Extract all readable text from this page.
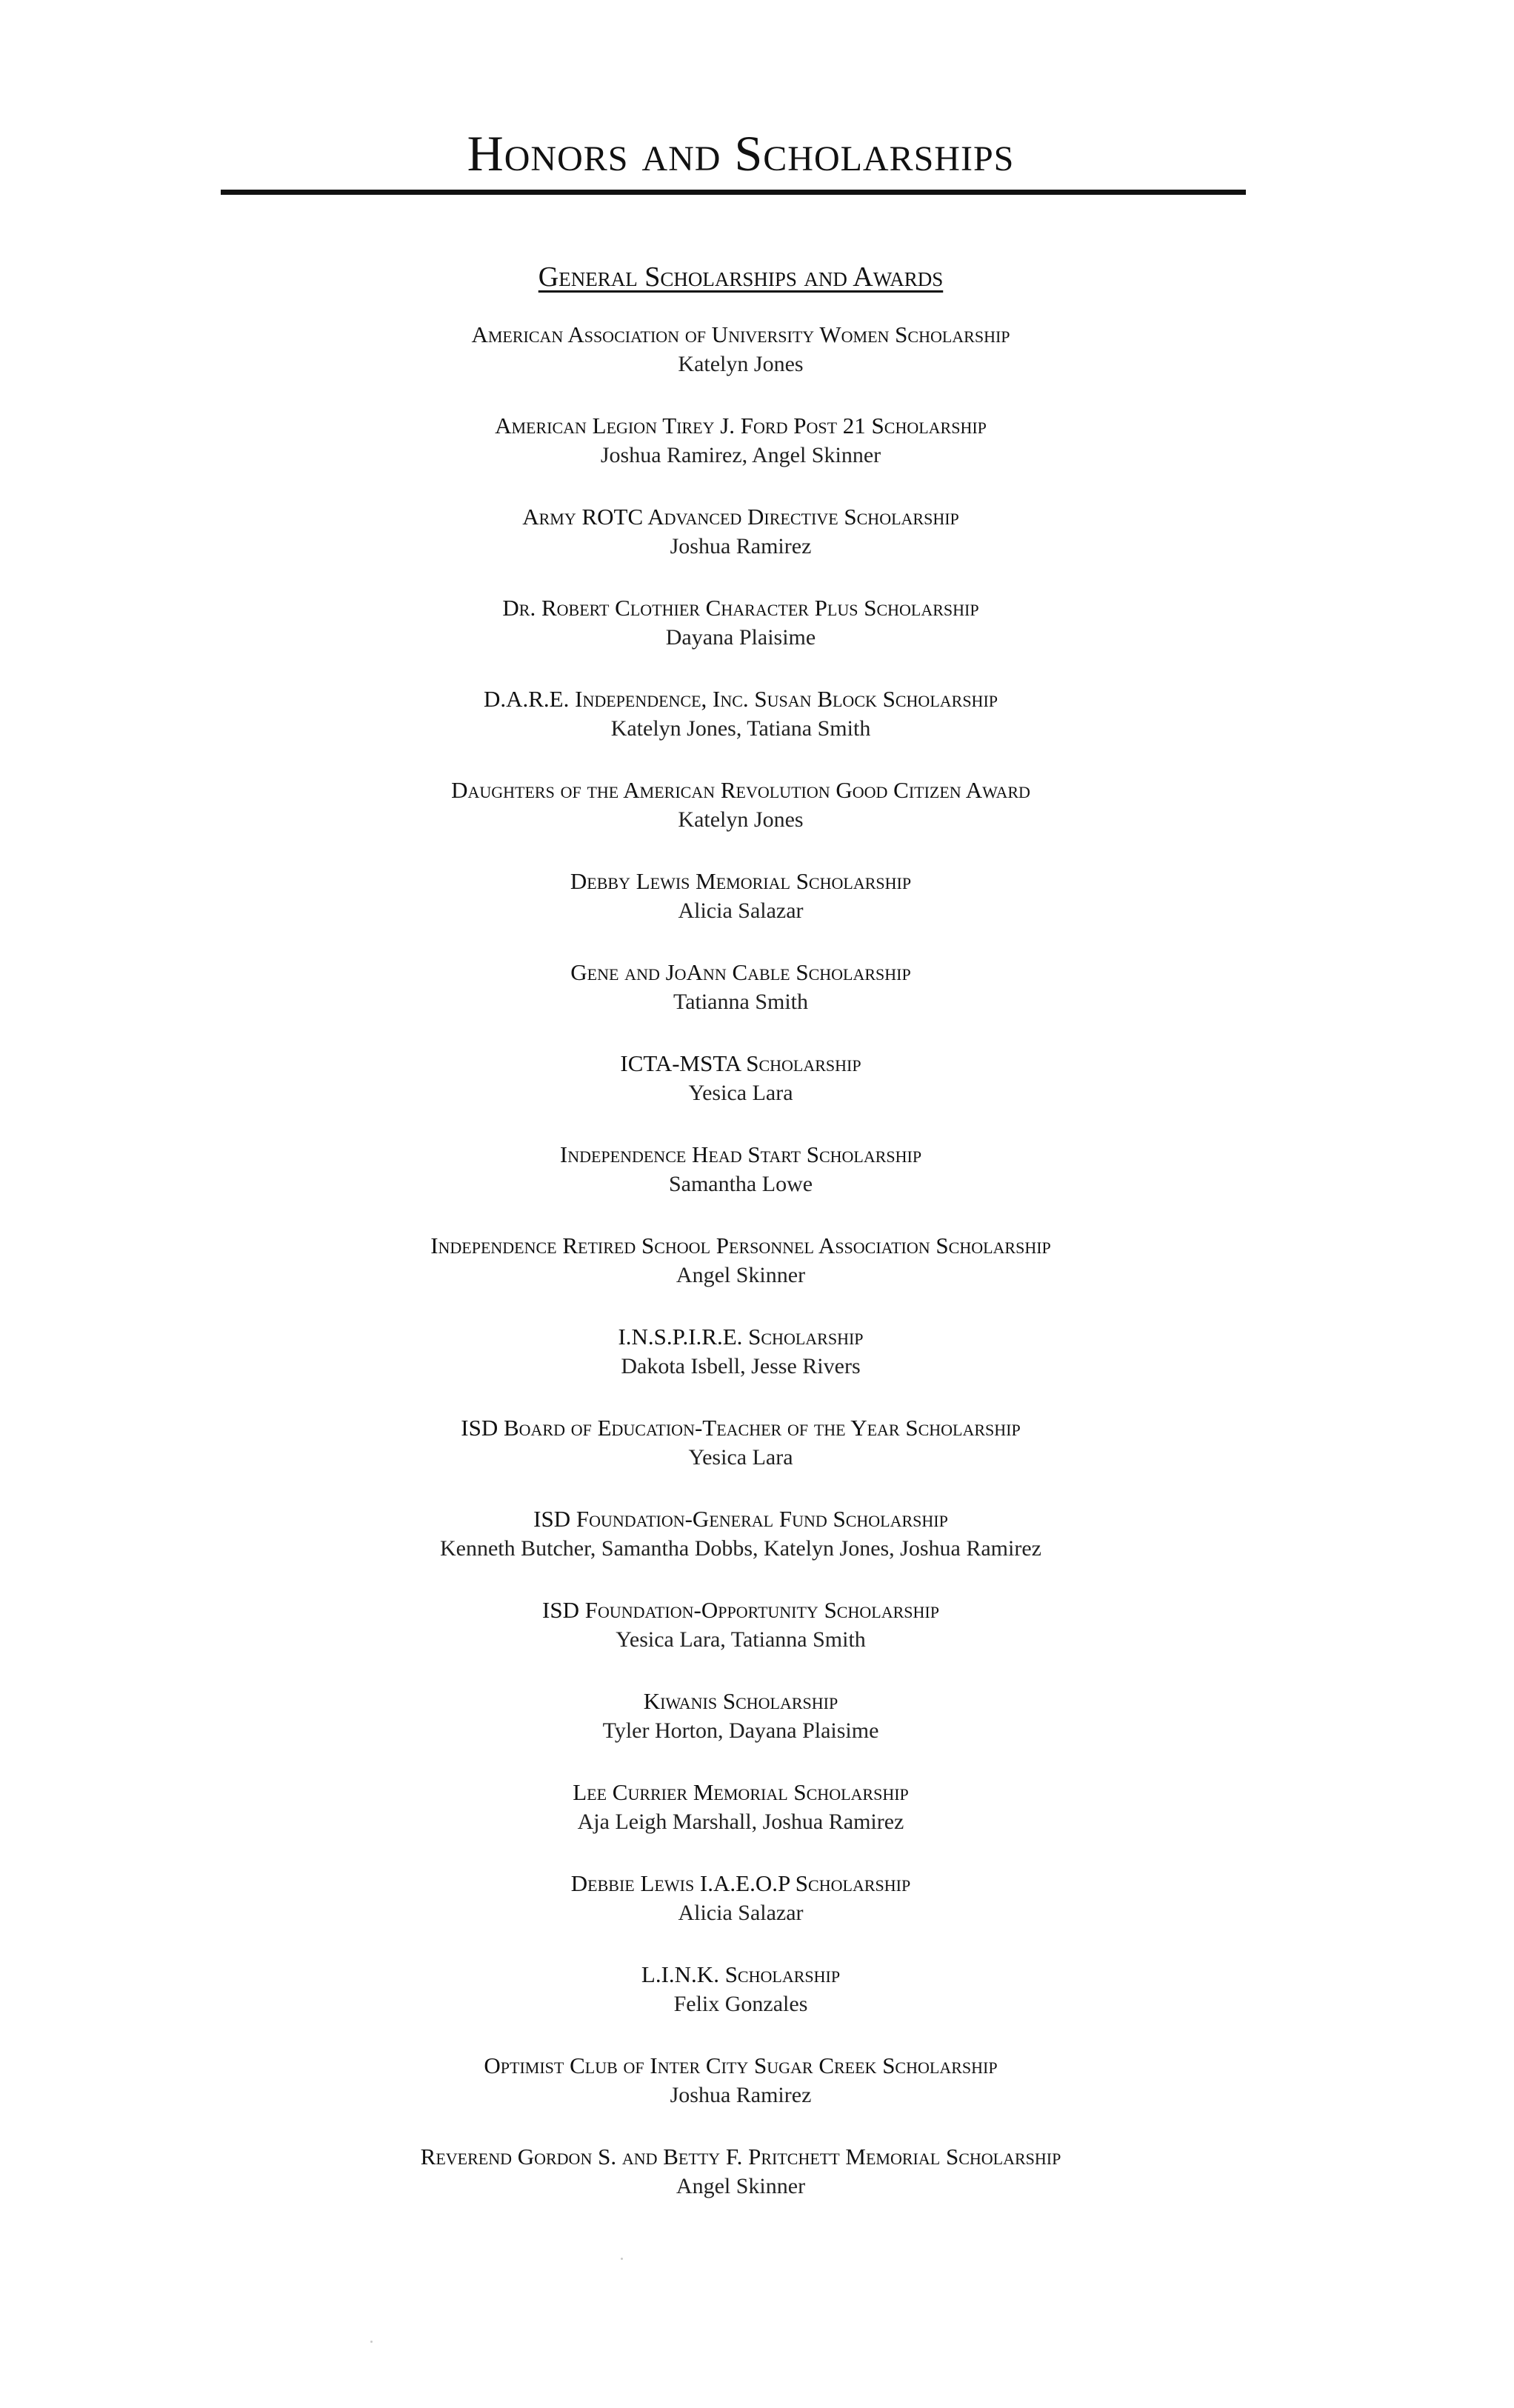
Honors and Scholarships
General Scholarships and Awards
American Association of University Women Scholarship
Katelyn Jones
American Legion Tirey J. Ford Post 21 Scholarship
Joshua Ramirez, Angel Skinner
Army ROTC Advanced Directive Scholarship
Joshua Ramirez
Dr. Robert Clothier Character Plus Scholarship
Dayana Plaisime
D.A.R.E. Independence, Inc. Susan Block Scholarship
Katelyn Jones, Tatiana Smith
Daughters of the American Revolution Good Citizen Award
Katelyn Jones
Debby Lewis Memorial Scholarship
Alicia Salazar
Gene and JoAnn Cable Scholarship
Tatianna Smith
ICTA-MSTA Scholarship
Yesica Lara
Independence Head Start Scholarship
Samantha Lowe
Independence Retired School Personnel Association Scholarship
Angel Skinner
I.N.S.P.I.R.E. Scholarship
Dakota Isbell, Jesse Rivers
ISD Board of Education-Teacher of the Year Scholarship
Yesica Lara
ISD Foundation-General Fund Scholarship
Kenneth Butcher, Samantha Dobbs, Katelyn Jones, Joshua Ramirez
ISD Foundation-Opportunity Scholarship
Yesica Lara, Tatianna Smith
Kiwanis Scholarship
Tyler Horton, Dayana Plaisime
Lee Currier Memorial Scholarship
Aja Leigh Marshall, Joshua Ramirez
Debbie Lewis I.A.E.O.P Scholarship
Alicia Salazar
L.I.N.K. Scholarship
Felix Gonzales
Optimist Club of Inter City Sugar Creek Scholarship
Joshua Ramirez
Reverend Gordon S. and Betty F. Pritchett Memorial Scholarship
Angel Skinner
